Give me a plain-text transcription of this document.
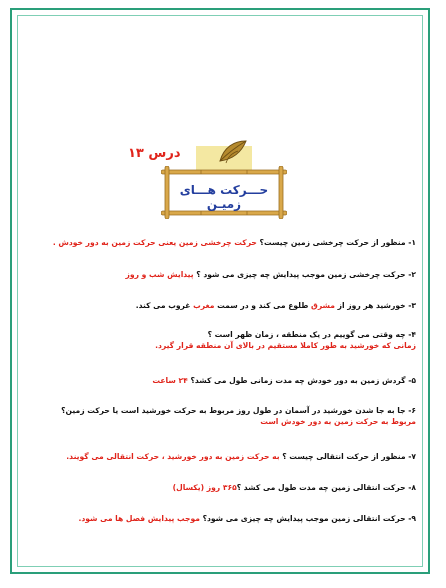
درس ۱۳
حـــرکت هـــای زمیـن
۱- منظور از حرکت چرخشی زمین چیست؟ حرکت چرخشی زمین یعنی حرکت زمین به دور خودش .
۲- حرکت چرخشی زمین موجب پیدایش چه چیزی می شود ؟ پیدایش شب و روز
۳- خورشید هر روز از مشرق طلوع می کند و در سمت مغرب غروب می کند.
۴- چه وقتی می گوییم در یک منطقه ، زمان ظهر است ؟
زمانی که خورشید به طور کاملا مستقیم در بالای آن منطقه قرار گیرد.
۵- گردش زمین به دور خودش چه مدت زمانی طول می کشد؟ ۲۴ ساعت
۶- جا به جا شدن خورشید در آسمان در طول روز مربوط به حرکت خورشید است یا حرکت زمین؟
مربوط به حرکت زمین به دور خودش است
۷- منظور از حرکت انتقالی چیست ؟ به حرکت زمین به دور خورشید ، حرکت انتقالی می گویند.
۸- حرکت انتقالی زمین چه مدت طول می کشد ؟۳۶۵ روز (یکسال)
۹- حرکت انتقالی زمین موجب پیدایش چه چیزی می شود؟ موجب پیدایش فصل ها می شود.
